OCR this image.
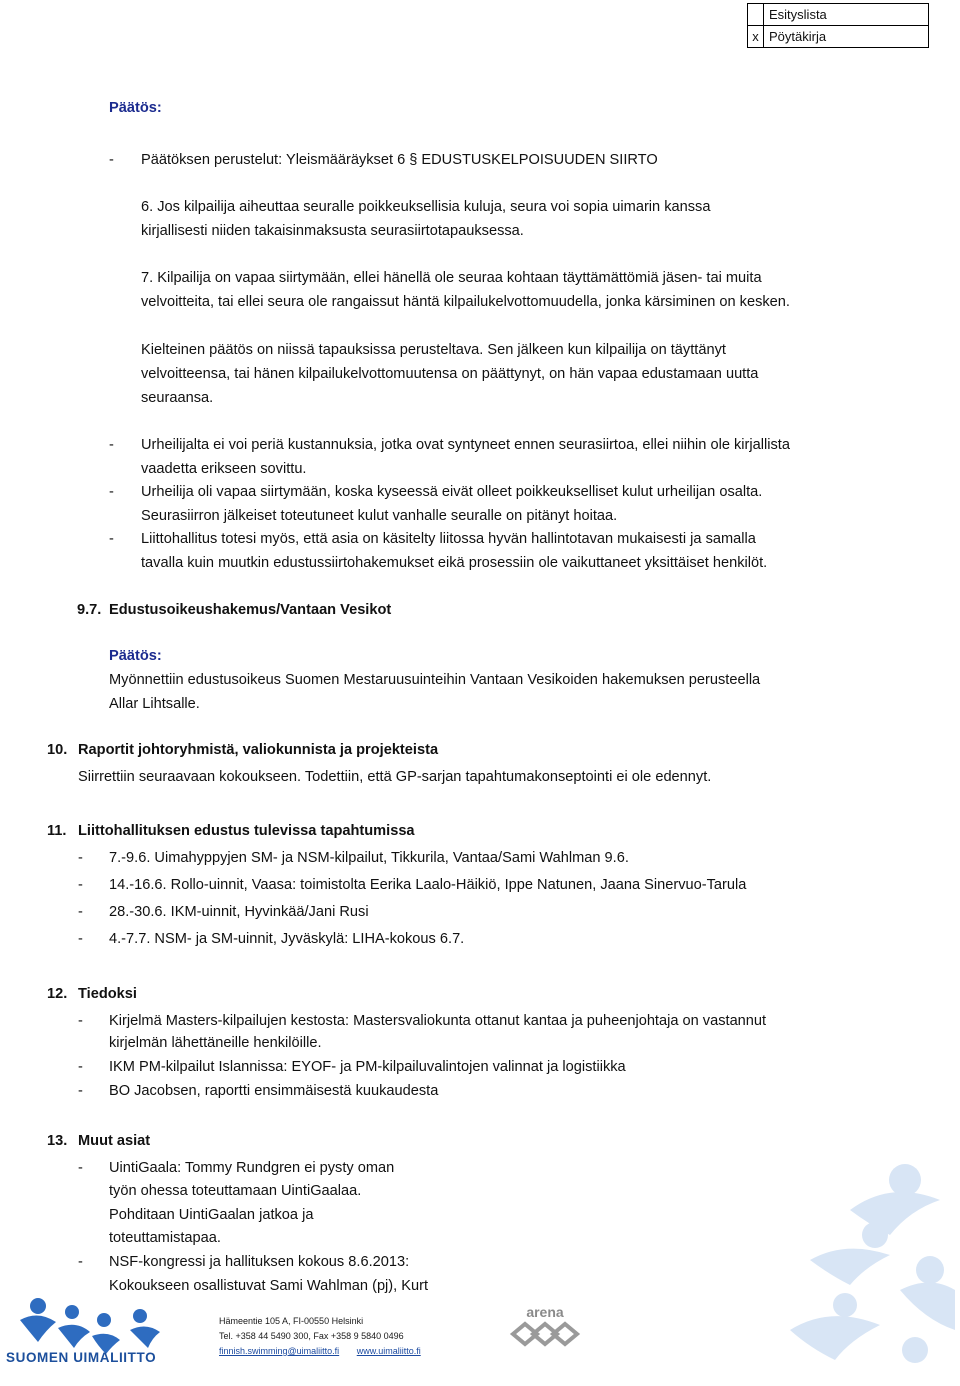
	Esityslista
x	Pöytäkirja
Päätös:
- Päätöksen perustelut: Yleismääräykset 6 § EDUSTUSKELPOISUUDEN SIIRTO
6. Jos kilpailija aiheuttaa seuralle poikkeuksellisia kuluja, seura voi sopia uimarin kanssa
kirjallisesti niiden takaisinmaksusta seurasiirtotapauksessa.
7. Kilpailija on vapaa siirtymään, ellei hänellä ole seuraa kohtaan täyttämättömiä jäsen- tai muita
velvoitteita, tai ellei seura ole rangaissut häntä kilpailukelvottomuudella, jonka kärsiminen on kesken.
Kielteinen päätös on niissä tapauksissa perusteltava. Sen jälkeen kun kilpailija on täyttänyt
velvoitteensa, tai hänen kilpailukelvottomuutensa on päättynyt, on hän vapaa edustamaan uutta
seuraansa.
- Urheilijalta ei voi periä kustannuksia, jotka ovat syntyneet ennen seurasiirtoa, ellei niihin ole kirjallista
vaadetta erikseen sovittu.
- Urheilija oli vapaa siirtymään, koska kyseessä eivät olleet poikkeukselliset kulut urheilijan osalta.
Seurasiirron jälkeiset toteutuneet kulut vanhalle seuralle on pitänyt hoitaa.
- Liittohallitus totesi myös, että asia on käsitelty liitossa hyvän hallintotavan mukaisesti ja samalla
tavalla kuin muutkin edustussiirtohakemukset eikä prosessiin ole vaikuttaneet yksittäiset henkilöt.
9.7. Edustusoikeushakemus/Vantaan Vesikot
Päätös:
Myönnettiin edustusoikeus Suomen Mestaruusuinteihin Vantaan Vesikoiden hakemuksen perusteella
Allar Lihtsalle.
10. Raportit johtoryhmistä, valiokunnista ja projekteista
Siirrettiin seuraavaan kokoukseen. Todettiin, että GP-sarjan tapahtumakonseptointi ei ole edennyt.
11. Liittohallituksen edustus tulevissa tapahtumissa
- 7.-9.6. Uimahyppyjen SM- ja NSM-kilpailut, Tikkurila, Vantaa/Sami Wahlman 9.6.
- 14.-16.6. Rollo-uinnit, Vaasa: toimistolta Eerika Laalo-Häikiö, Ippe Natunen, Jaana Sinervuo-Tarula
- 28.-30.6. IKM-uinnit, Hyvinkää/Jani Rusi
- 4.-7.7. NSM- ja SM-uinnit, Jyväskylä: LIHA-kokous 6.7.
12. Tiedoksi
- Kirjelmä Masters-kilpailujen kestosta: Mastersvaliokunta ottanut kantaa ja puheenjohtaja on vastannut
kirjelmän lähettäneille henkilöille.
- IKM PM-kilpailut Islannissa: EYOF- ja PM-kilpailuvalintojen valinnat ja logistiikka
- BO Jacobsen, raportti ensimmäisestä kuukaudesta
13. Muut asiat
- UintiGaala: Tommy Rundgren ei pysty oman
työn ohessa toteuttamaan UintiGaalaa.
Pohditaan UintiGaalan jatkoa ja
toteuttamistapaa.
- NSF-kongressi ja hallituksen kokous 8.6.2013:
Kokoukseen osallistuvat Sami Wahlman (pj), Kurt
SUOMEN UIMALIITTO
arena
Hämeentie 105 A, FI-00550 Helsinki
Tel. +358 44 5490 300, Fax +358 9 5840 0496
finnish.swimming@uimaliitto.fi www.uimaliitto.fi
